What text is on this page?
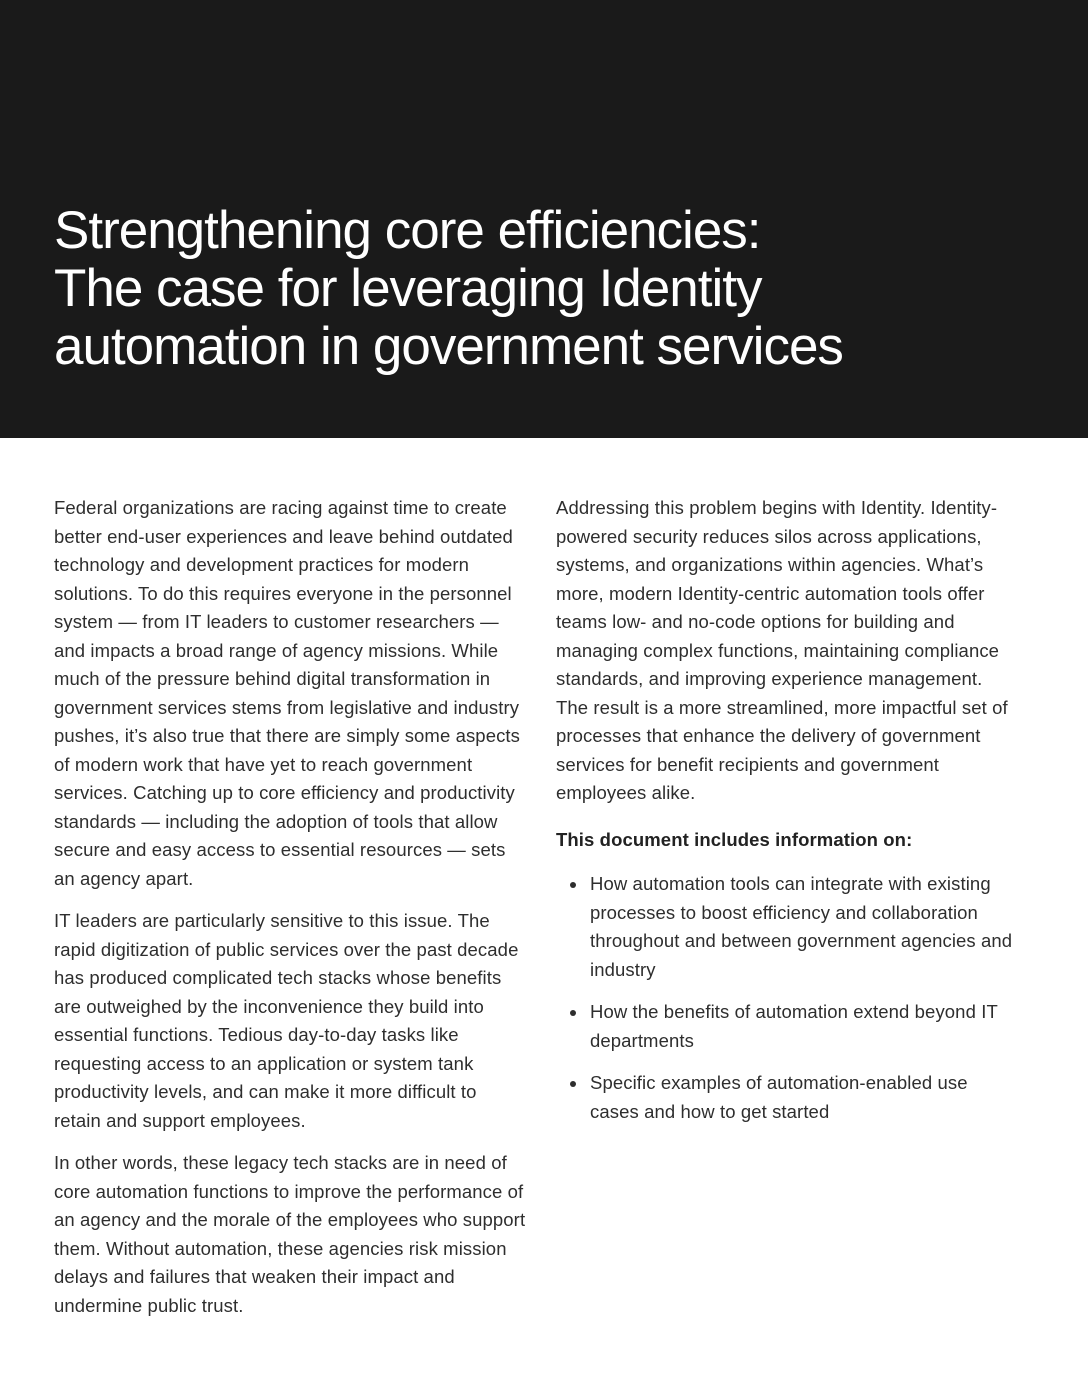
Strengthening core efficiencies:
The case for leveraging Identity
automation in government services

Federal organizations are racing against time to create better end-user experiences and leave behind outdated technology and development practices for modern solutions. To do this requires everyone in the personnel system — from IT leaders to customer researchers — and impacts a broad range of agency missions. While much of the pressure behind digital transformation in government services stems from legislative and industry pushes, it’s also true that there are simply some aspects of modern work that have yet to reach government services. Catching up to core efficiency and productivity standards — including the adoption of tools that allow secure and easy access to essential resources — sets an agency apart.

IT leaders are particularly sensitive to this issue. The rapid digitization of public services over the past decade has produced complicated tech stacks whose benefits are outweighed by the inconvenience they build into essential functions. Tedious day-to-day tasks like requesting access to an application or system tank productivity levels, and can make it more difficult to retain and support employees.

In other words, these legacy tech stacks are in need of core automation functions to improve the performance of an agency and the morale of the employees who support them. Without automation, these agencies risk mission delays and failures that weaken their impact and undermine public trust.

Addressing this problem begins with Identity. Identity-powered security reduces silos across applications, systems, and organizations within agencies. What’s more, modern Identity-centric automation tools offer teams low- and no-code options for building and managing complex functions, maintaining compliance standards, and improving experience management. The result is a more streamlined, more impactful set of processes that enhance the delivery of government services for benefit recipients and government employees alike.

This document includes information on:

• How automation tools can integrate with existing processes to boost efficiency and collaboration throughout and between government agencies and industry
• How the benefits of automation extend beyond IT departments
• Specific examples of automation-enabled use cases and how to get started
